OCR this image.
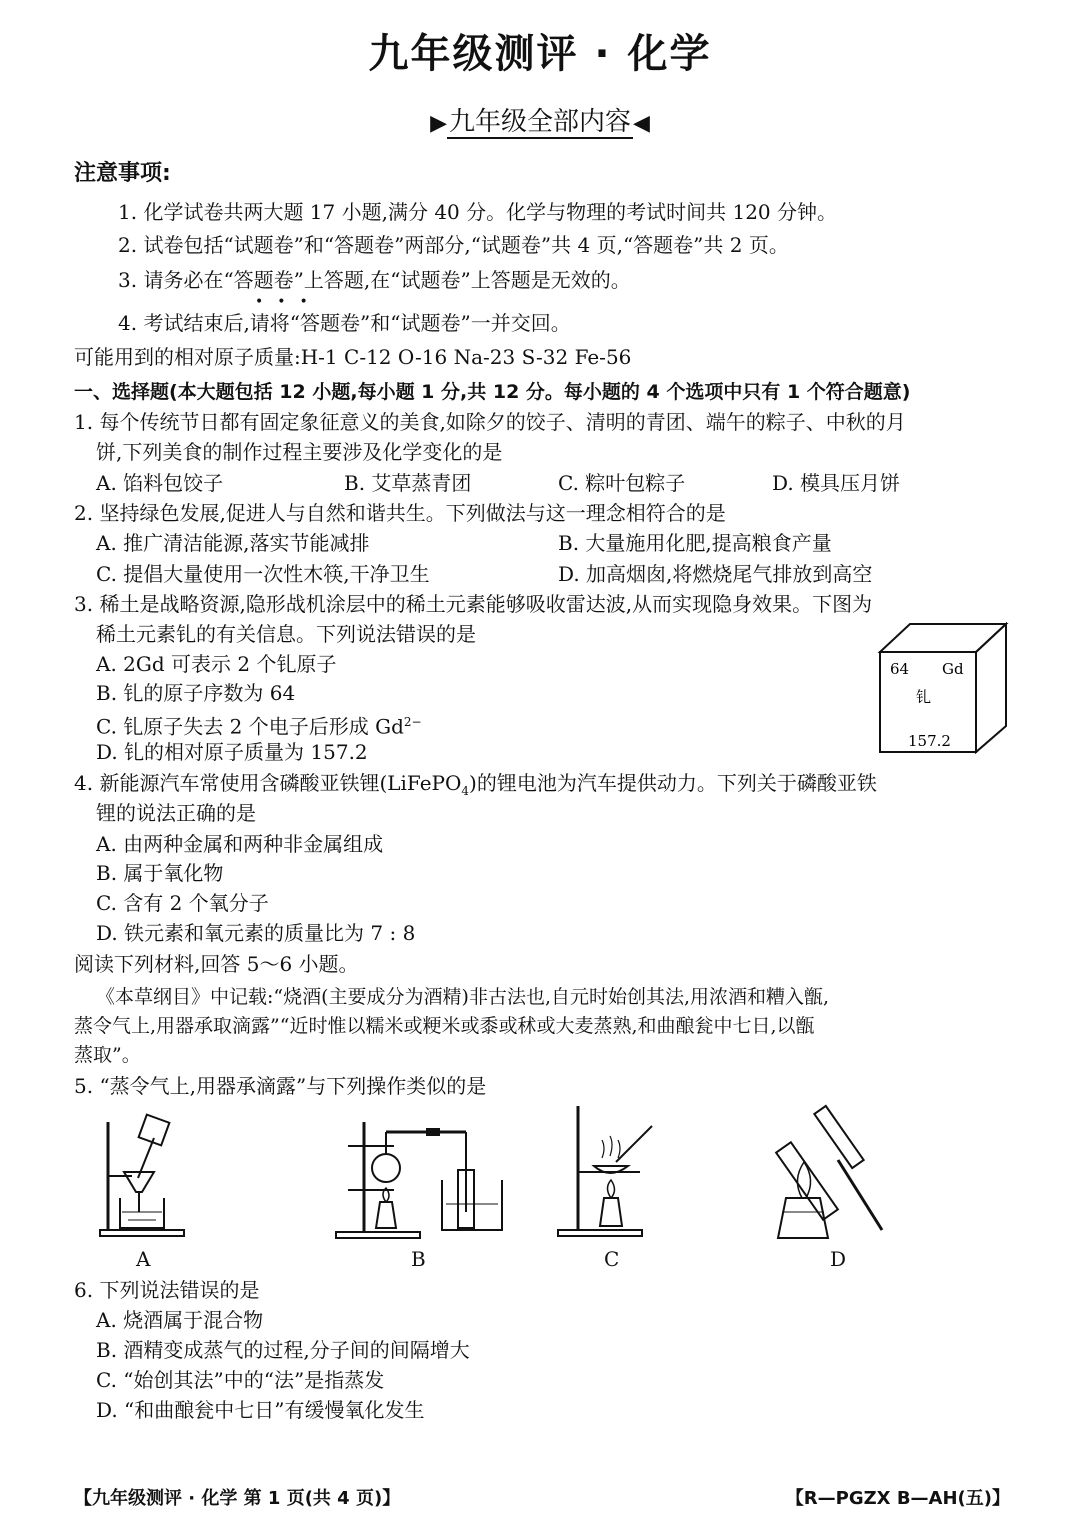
九年级测评 · 化学
▶九年级全部内容◀
注意事项:
1. 化学试卷共两大题 17 小题,满分 40 分。化学与物理的考试时间共 120 分钟。
2. 试卷包括“试题卷”和“答题卷”两部分,“试题卷”共 4 页,“答题卷”共 2 页。
3. 请务必在“答题卷”上答题,在“试题卷”上答题是无效的。
•••
4. 考试结束后,请将“答题卷”和“试题卷”一并交回。
可能用到的相对原子质量:H-1 C-12 O-16 Na-23 S-32 Fe-56
一、选择题(本大题包括 12 小题,每小题 1 分,共 12 分。每小题的 4 个选项中只有 1 个符合题意)
1. 每个传统节日都有固定象征意义的美食,如除夕的饺子、清明的青团、端午的粽子、中秋的月
饼,下列美食的制作过程主要涉及化学变化的是
A. 馅料包饺子	B. 艾草蒸青团	C. 粽叶包粽子	D. 模具压月饼
2. 坚持绿色发展,促进人与自然和谐共生。下列做法与这一理念相符合的是
A. 推广清洁能源,落实节能减排	B. 大量施用化肥,提高粮食产量
C. 提倡大量使用一次性木筷,干净卫生	D. 加高烟囱,将燃烧尾气排放到高空
3. 稀土是战略资源,隐形战机涂层中的稀土元素能够吸收雷达波,从而实现隐身效果。下图为
稀土元素钆的有关信息。下列说法错误的是
A. 2Gd 可表示 2 个钆原子
B. 钆的原子序数为 64
C. 钆原子失去 2 个电子后形成 $Gd^{2-}$
D. 钆的相对原子质量为 157.2
64 Gd
钆
157.2
4. 新能源汽车常使用含磷酸亚铁锂(LiFePO$_4$)的锂电池为汽车提供动力。下列关于磷酸亚铁
锂的说法正确的是
A. 由两种金属和两种非金属组成
B. 属于氧化物
C. 含有 2 个氧分子
D. 铁元素和氧元素的质量比为 7 : 8
阅读下列材料,回答 5～6 小题。
《本草纲目》中记载:“烧酒(主要成分为酒精)非古法也,自元时始创其法,用浓酒和糟入甑,
蒸令气上,用器承取滴露”“近时惟以糯米或粳米或黍或秫或大麦蒸熟,和曲酿瓮中七日,以甑
蒸取”。
5. “蒸令气上,用器承滴露”与下列操作类似的是
A	B	C	D
6. 下列说法错误的是
A. 烧酒属于混合物
B. 酒精变成蒸气的过程,分子间的间隔增大
C. “始创其法”中的“法”是指蒸发
D. “和曲酿瓮中七日”有缓慢氧化发生
【九年级测评 · 化学 第 1 页(共 4 页)】	【R—PGZX B—AH(五)】
